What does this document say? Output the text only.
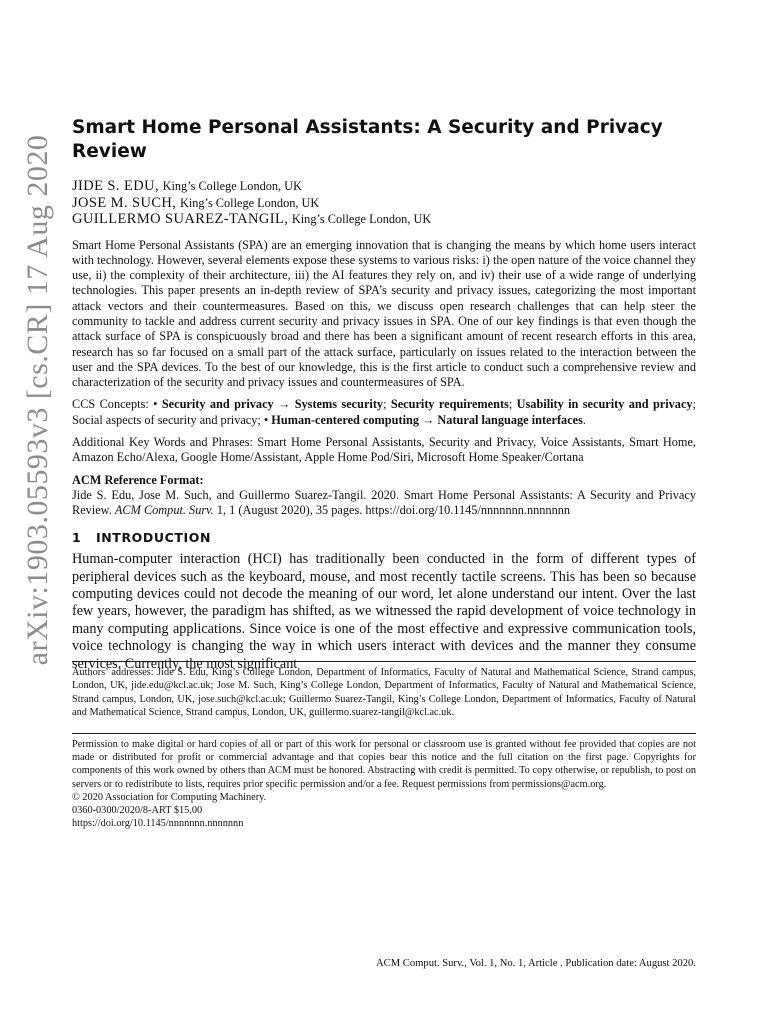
arXiv:1903.05593v3 [cs.CR] 17 Aug 2020
Smart Home Personal Assistants: A Security and Privacy Review
JIDE S. EDU, King’s College London, UK
JOSE M. SUCH, King’s College London, UK
GUILLERMO SUAREZ-TANGIL, King’s College London, UK

Smart Home Personal Assistants (SPA) are an emerging innovation that is changing the means by which home users interact with technology. However, several elements expose these systems to various risks: i) the open nature of the voice channel they use, ii) the complexity of their architecture, iii) the AI features they rely on, and iv) their use of a wide range of underlying technologies. This paper presents an in-depth review of SPA’s security and privacy issues, categorizing the most important attack vectors and their countermeasures. Based on this, we discuss open research challenges that can help steer the community to tackle and address current security and privacy issues in SPA. One of our key findings is that even though the attack surface of SPA is conspicuously broad and there has been a significant amount of recent research efforts in this area, research has so far focused on a small part of the attack surface, particularly on issues related to the interaction between the user and the SPA devices. To the best of our knowledge, this is the first article to conduct such a comprehensive review and characterization of the security and privacy issues and countermeasures of SPA.

CCS Concepts: • Security and privacy → Systems security; Security requirements; Usability in security and privacy; Social aspects of security and privacy; • Human-centered computing → Natural language interfaces.

Additional Key Words and Phrases: Smart Home Personal Assistants, Security and Privacy, Voice Assistants, Smart Home, Amazon Echo/Alexa, Google Home/Assistant, Apple Home Pod/Siri, Microsoft Home Speaker/Cortana

ACM Reference Format:

Jide S. Edu, Jose M. Such, and Guillermo Suarez-Tangil. 2020. Smart Home Personal Assistants: A Security and Privacy Review. ACM Comput. Surv. 1, 1 (August 2020), 35 pages. https://doi.org/10.1145/nnnnnnn.nnnnnnn

1 INTRODUCTION

Human-computer interaction (HCI) has traditionally been conducted in the form of different types of peripheral devices such as the keyboard, mouse, and most recently tactile screens. This has been so because computing devices could not decode the meaning of our word, let alone understand our intent. Over the last few years, however, the paradigm has shifted, as we witnessed the rapid development of voice technology in many computing applications. Since voice is one of the most effective and expressive communication tools, voice technology is changing the way in which users interact with devices and the manner they consume services. Currently, the most significant

Authors’ addresses: Jide S. Edu, King’s College London, Department of Informatics, Faculty of Natural and Mathematical Science, Strand campus, London, UK, jide.edu@kcl.ac.uk; Jose M. Such, King’s College London, Department of Informatics, Faculty of Natural and Mathematical Science, Strand campus, London, UK, jose.such@kcl.ac.uk; Guillermo Suarez-Tangil, King’s College London, Department of Informatics, Faculty of Natural and Mathematical Science, Strand campus, London, UK, guillermo.suarez-tangil@kcl.ac.uk.

Permission to make digital or hard copies of all or part of this work for personal or classroom use is granted without fee provided that copies are not made or distributed for profit or commercial advantage and that copies bear this notice and the full citation on the first page. Copyrights for components of this work owned by others than ACM must be honored. Abstracting with credit is permitted. To copy otherwise, or republish, to post on servers or to redistribute to lists, requires prior specific permission and/or a fee. Request permissions from permissions@acm.org.

© 2020 Association for Computing Machinery.
0360-0300/2020/8-ART $15.00
https://doi.org/10.1145/nnnnnnn.nnnnnnn
ACM Comput. Surv., Vol. 1, No. 1, Article . Publication date: August 2020.
